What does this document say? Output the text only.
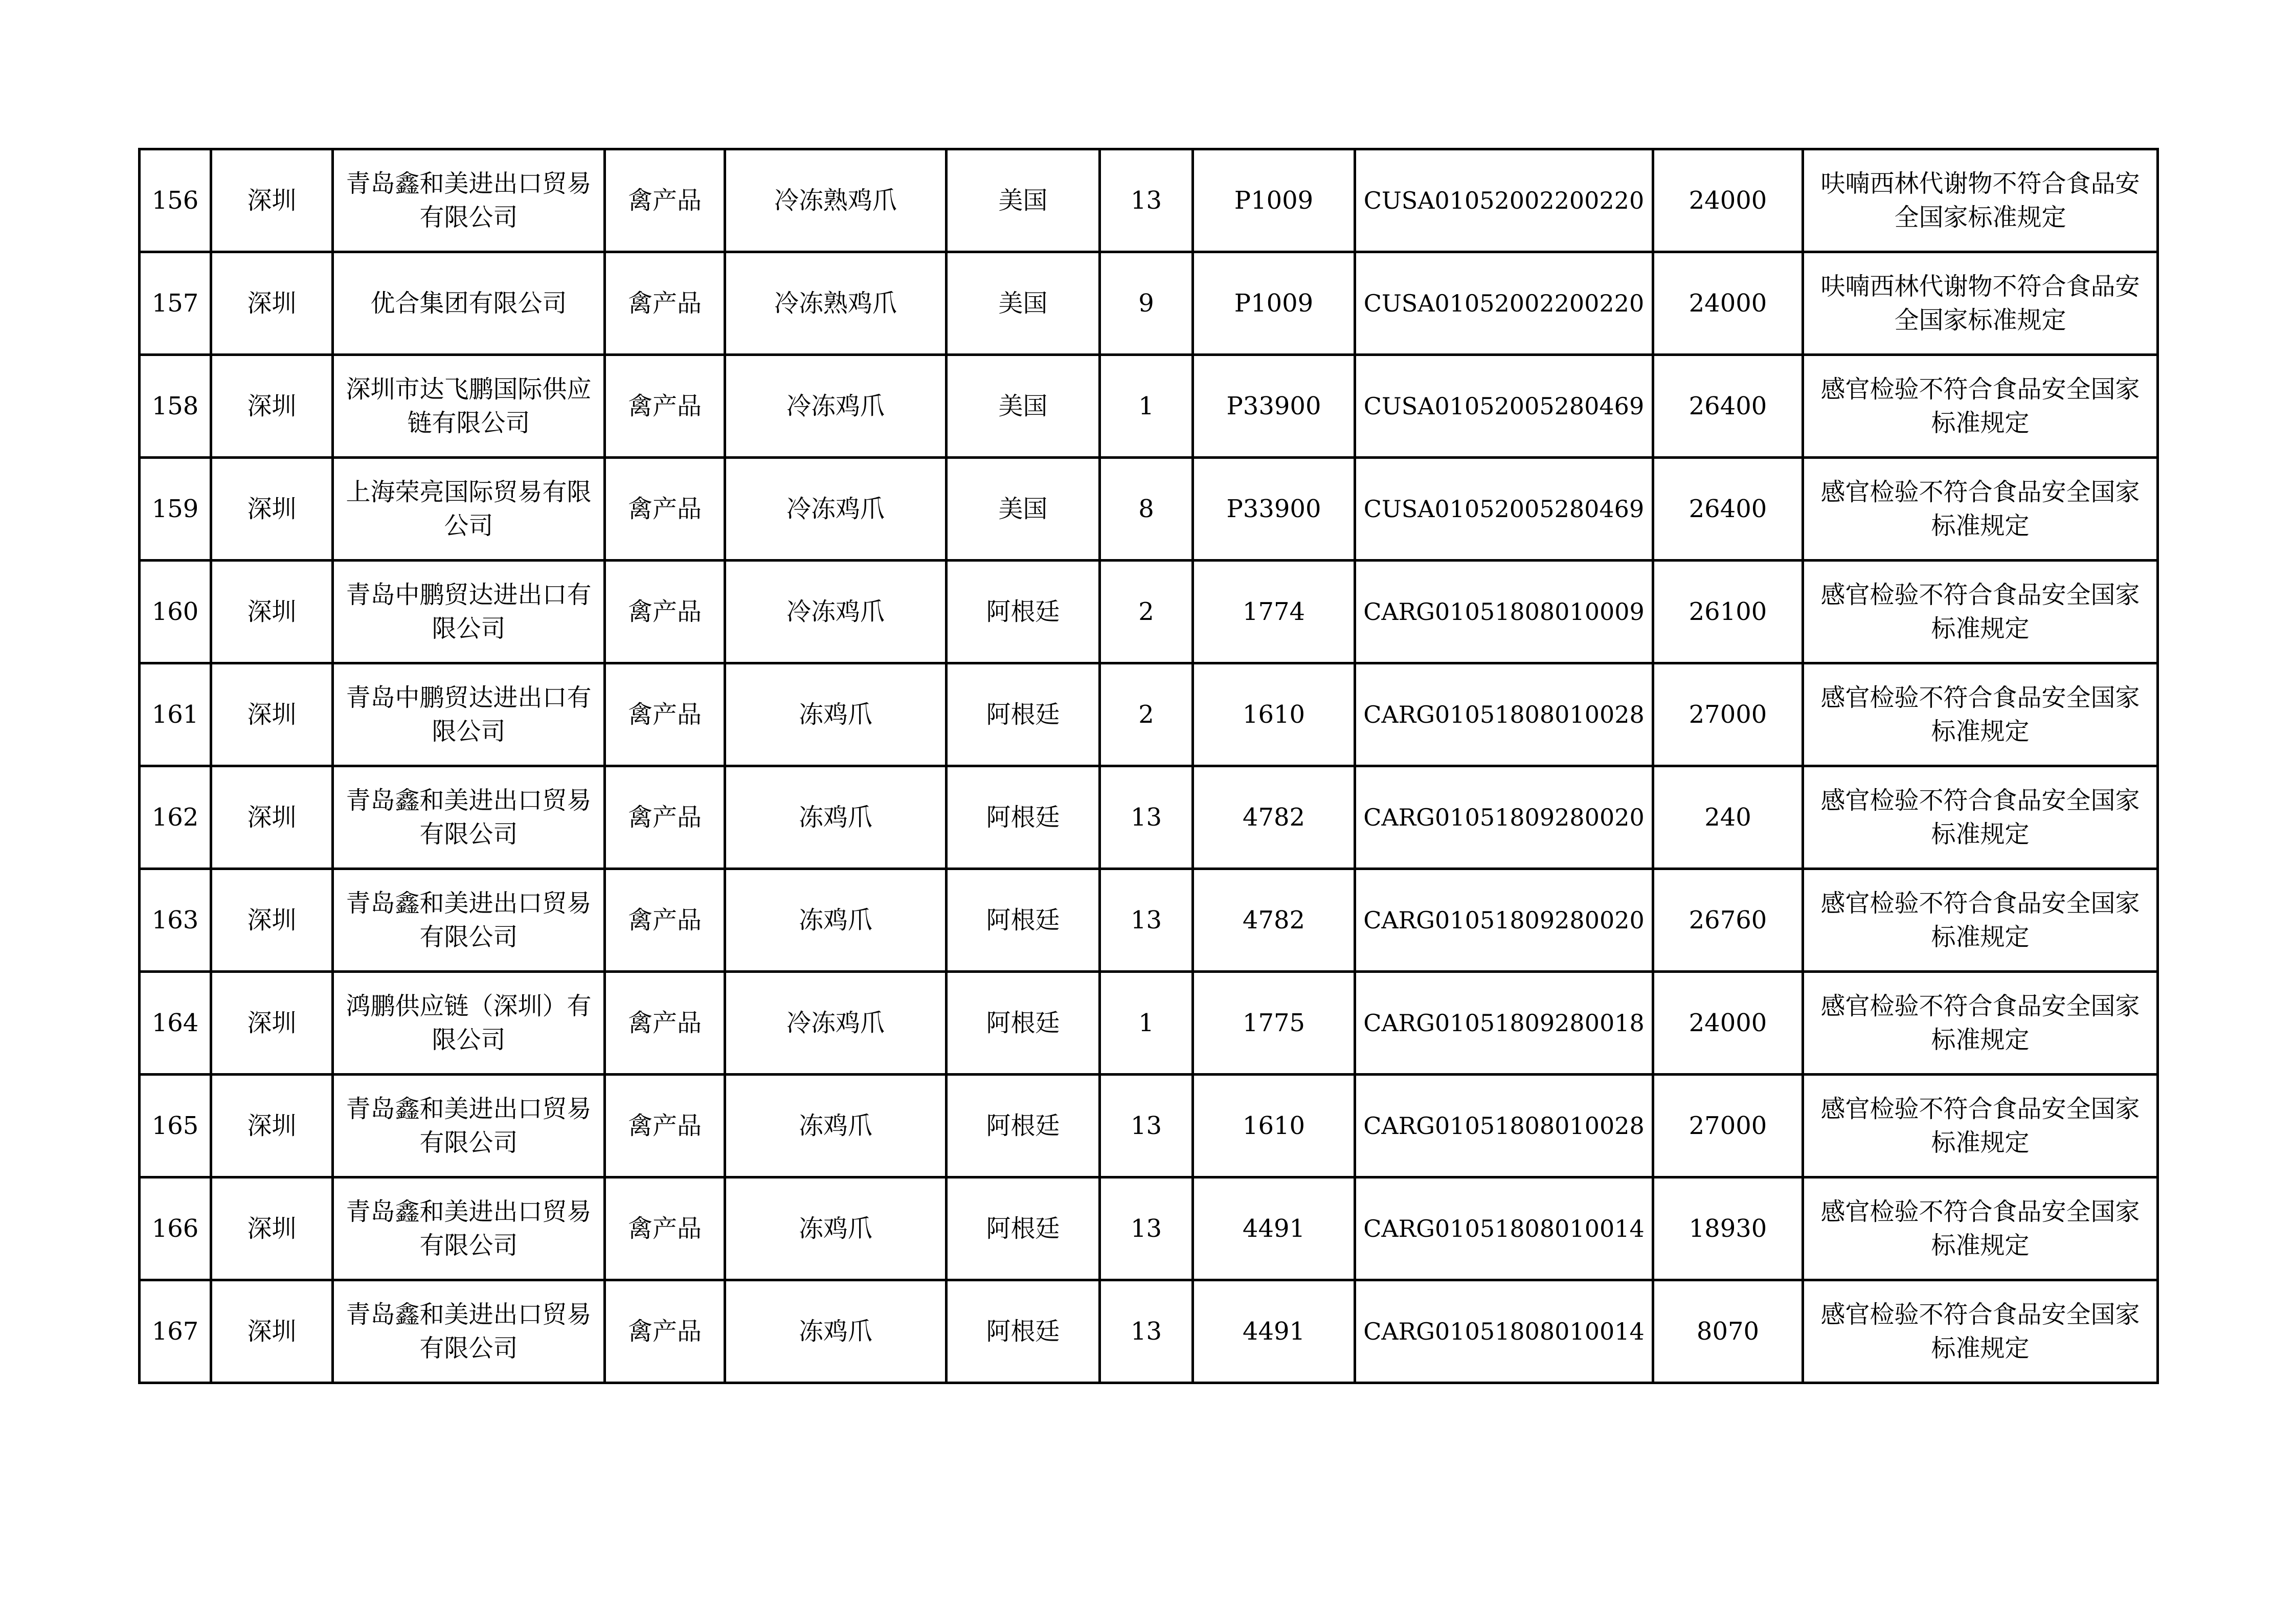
156	深圳	青岛鑫和美进出口贸易有限公司	禽产品	冷冻熟鸡爪	美国	13	P1009	CUSA01052002200220	24000	呋喃西林代谢物不符合食品安全国家标准规定
157	深圳	优合集团有限公司	禽产品	冷冻熟鸡爪	美国	9	P1009	CUSA01052002200220	24000	呋喃西林代谢物不符合食品安全国家标准规定
158	深圳	深圳市达飞鹏国际供应链有限公司	禽产品	冷冻鸡爪	美国	1	P33900	CUSA01052005280469	26400	感官检验不符合食品安全国家标准规定
159	深圳	上海荣亮国际贸易有限公司	禽产品	冷冻鸡爪	美国	8	P33900	CUSA01052005280469	26400	感官检验不符合食品安全国家标准规定
160	深圳	青岛中鹏贸达进出口有限公司	禽产品	冷冻鸡爪	阿根廷	2	1774	CARG01051808010009	26100	感官检验不符合食品安全国家标准规定
161	深圳	青岛中鹏贸达进出口有限公司	禽产品	冻鸡爪	阿根廷	2	1610	CARG01051808010028	27000	感官检验不符合食品安全国家标准规定
162	深圳	青岛鑫和美进出口贸易有限公司	禽产品	冻鸡爪	阿根廷	13	4782	CARG01051809280020	240	感官检验不符合食品安全国家标准规定
163	深圳	青岛鑫和美进出口贸易有限公司	禽产品	冻鸡爪	阿根廷	13	4782	CARG01051809280020	26760	感官检验不符合食品安全国家标准规定
164	深圳	鸿鹏供应链（深圳）有限公司	禽产品	冷冻鸡爪	阿根廷	1	1775	CARG01051809280018	24000	感官检验不符合食品安全国家标准规定
165	深圳	青岛鑫和美进出口贸易有限公司	禽产品	冻鸡爪	阿根廷	13	1610	CARG01051808010028	27000	感官检验不符合食品安全国家标准规定
166	深圳	青岛鑫和美进出口贸易有限公司	禽产品	冻鸡爪	阿根廷	13	4491	CARG01051808010014	18930	感官检验不符合食品安全国家标准规定
167	深圳	青岛鑫和美进出口贸易有限公司	禽产品	冻鸡爪	阿根廷	13	4491	CARG01051808010014	8070	感官检验不符合食品安全国家标准规定
